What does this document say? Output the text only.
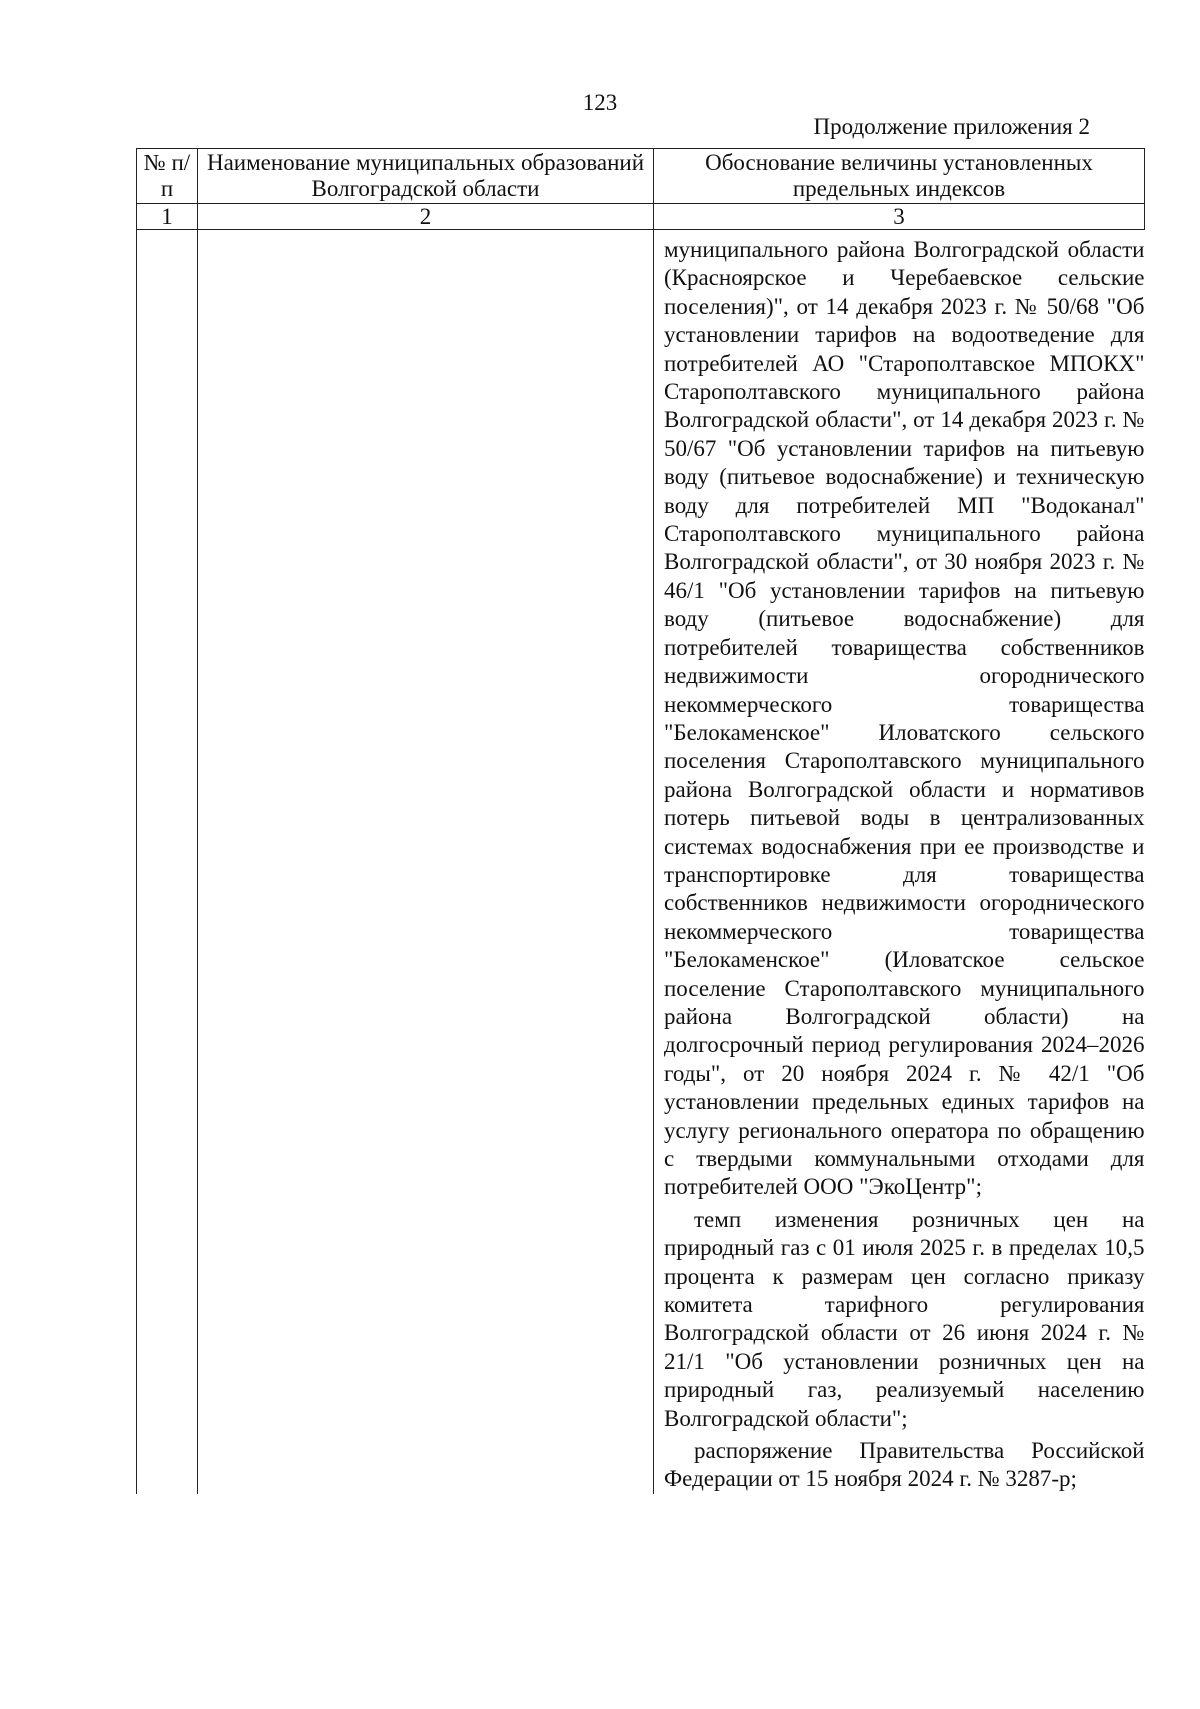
123
Продолжение приложения 2
№ п/п	Наименование муниципальных образований Волгоградской области	Обоснование величины установленных предельных индексов
1	2	3

		муниципального района Волгоградской области (Красноярское и Черебаевское сельские поселения)", от 14 декабря 2023 г. № 50/68 "Об установлении тарифов на водоотведение для потребителей АО "Старополтавское МПОКХ" Старополтавского муниципального района Волгоградской области", от 14 декабря 2023 г. № 50/67 "Об установлении тарифов на питьевую воду (питьевое водоснабжение) и техническую воду для потребителей МП "Водоканал" Старополтавского муниципального района Волгоградской области", от 30 ноября 2023 г. № 46/1 "Об установлении тарифов на питьевую воду (питьевое водоснабжение) для потребителей товарищества собственников недвижимости огороднического некоммерческого товарищества "Белокаменское" Иловатского сельского поселения Старополтавского муниципального района Волгоградской области и нормативов потерь питьевой воды в централизованных системах водоснабжения при ее производстве и транспортировке для товарищества собственников недвижимости огороднического некоммерческого товарищества "Белокаменское" (Иловатское сельское поселение Старополтавского муниципального района Волгоградской области) на долгосрочный период регулирования 2024–2026 годы", от 20 ноября 2024 г. № 42/1 "Об установлении предельных единых тарифов на услугу регионального оператора по обращению с твердыми коммунальными отходами для потребителей ООО "ЭкоЦентр";

темп изменения розничных цен на природный газ с 01 июля 2025 г. в пределах 10,5 процента к размерам цен согласно приказу комитета тарифного регулирования Волгоградской области от 26 июня 2024 г. № 21/1 "Об установлении розничных цен на природный газ, реализуемый населению Волгоградской области";

распоряжение Правительства Российской Федерации от 15 ноября 2024 г. № 3287-р;
